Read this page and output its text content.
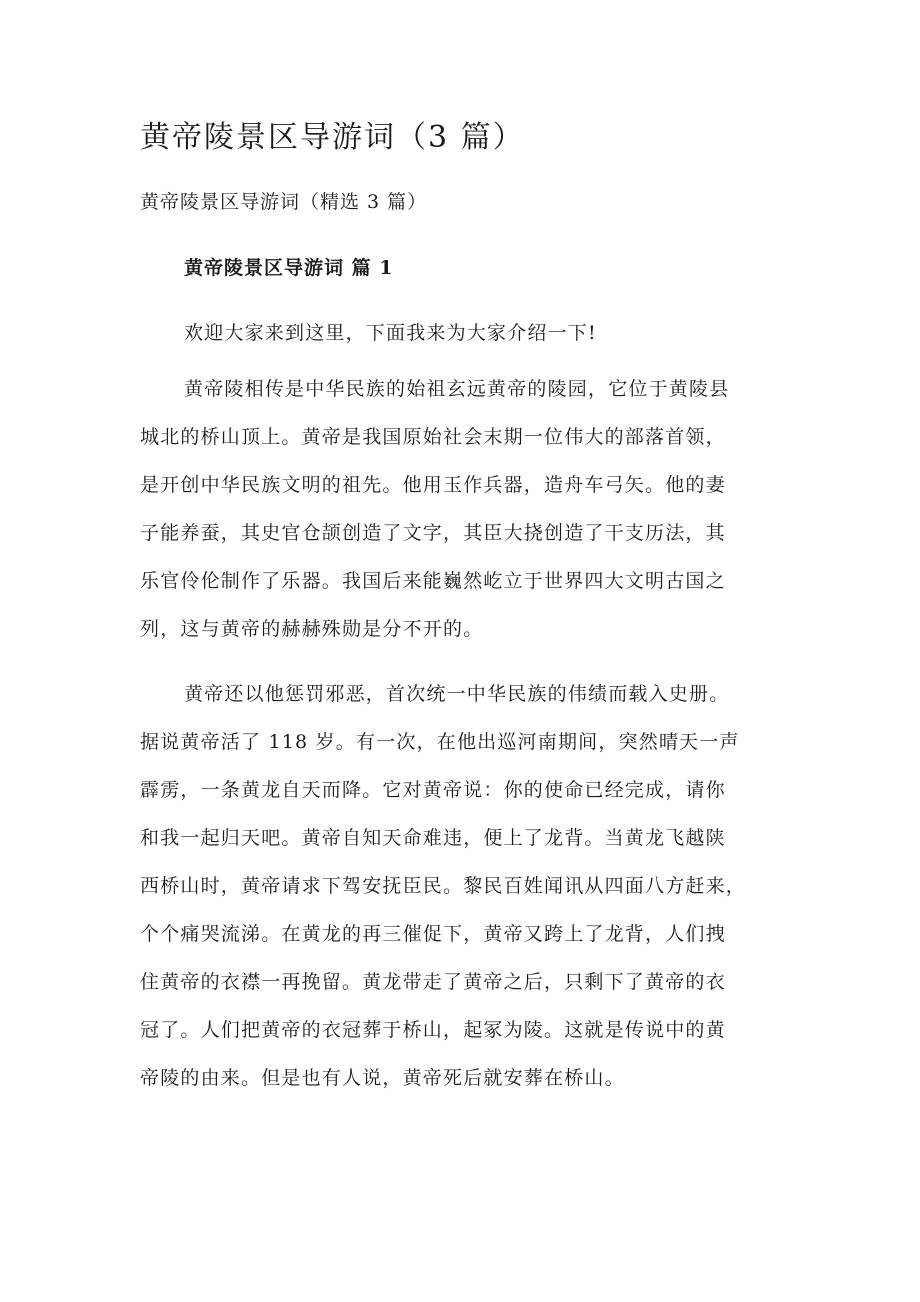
黄帝陵景区导游词（3 篇）

黄帝陵景区导游词（精选 3 篇）

黄帝陵景区导游词 篇 1
欢迎大家来到这里，下面我来为大家介绍一下!
黄帝陵相传是中华民族的始祖玄远黄帝的陵园，它位于黄陵县
城北的桥山顶上。黄帝是我国原始社会末期一位伟大的部落首领，
是开创中华民族文明的祖先。他用玉作兵器，造舟车弓矢。他的妻
子能养蚕，其史官仓颉创造了文字，其臣大挠创造了干支历法，其
乐官伶伦制作了乐器。我国后来能巍然屹立于世界四大文明古国之
列，这与黄帝的赫赫殊勋是分不开的。
黄帝还以他惩罚邪恶，首次统一中华民族的伟绩而载入史册。
据说黄帝活了 118 岁。有一次，在他出巡河南期间，突然晴天一声
霹雳，一条黄龙自天而降。它对黄帝说：你的使命已经完成，请你
和我一起归天吧。黄帝自知天命难违，便上了龙背。当黄龙飞越陕
西桥山时，黄帝请求下驾安抚臣民。黎民百姓闻讯从四面八方赶来，
个个痛哭流涕。在黄龙的再三催促下，黄帝又跨上了龙背，人们拽
住黄帝的衣襟一再挽留。黄龙带走了黄帝之后，只剩下了黄帝的衣
冠了。人们把黄帝的衣冠葬于桥山，起冢为陵。这就是传说中的黄
帝陵的由来。但是也有人说，黄帝死后就安葬在桥山。
